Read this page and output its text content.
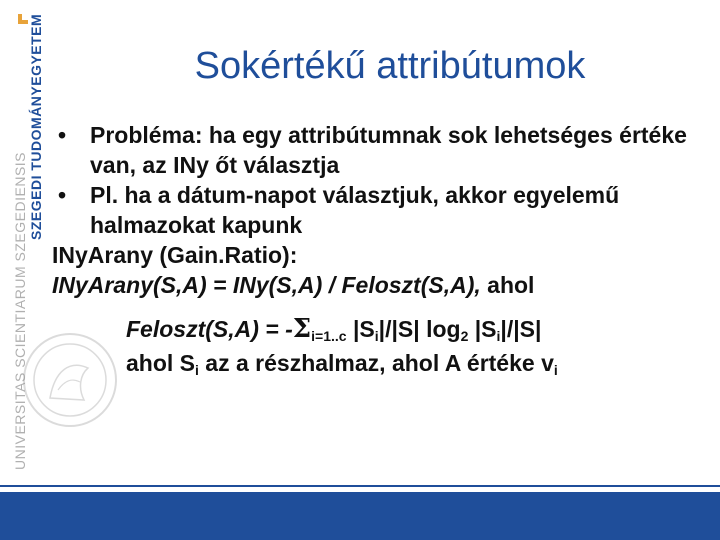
SZEGEDI TUDOMÁNYEGYETEM
UNIVERSITAS SCIENTIARUM SZEGEDIENSIS
Sokértékű attribútumok
• Probléma: ha egy attribútumnak sok lehetséges értéke van, az INy őt választja
• Pl. ha a dátum-napot választjuk, akkor egyelemű halmazokat kapunk

INyArany (Gain.Ratio):

INyArany(S,A) = INy(S,A) / Feloszt(S,A), ahol

Feloszt(S,A) = $-\Sigma_{i=1..c}$ $|S_i|/|S|$ $\log_2 |S_i|/|S|$

ahol $S_i$ az a részhalmaz, ahol A értéke $v_i$
